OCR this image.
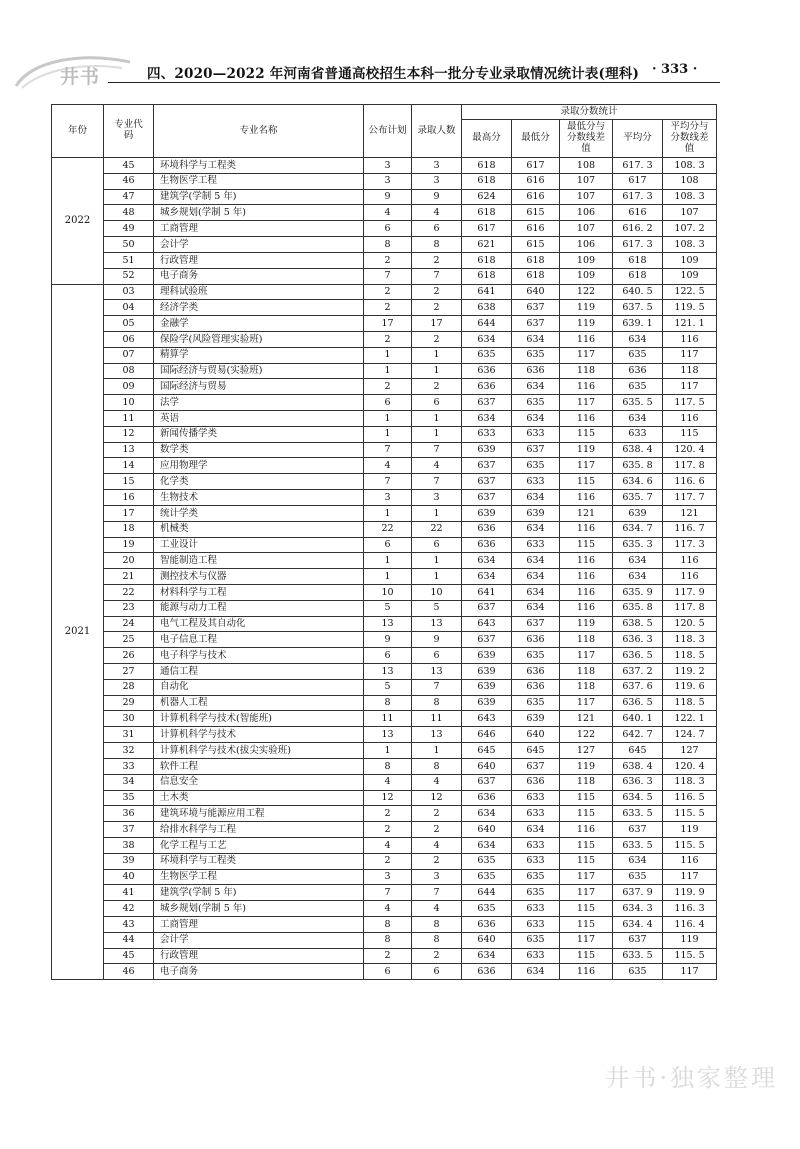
井书	四、2020—2022 年河南省普通高校招生本科一批分专业录取情况统计表(理科) · 333 ·
年份	专业代码	专业名称	公布计划	录取人数	录取分数统计				
					最高分	最低分	最低分与分数线差值	平均分	平均分与分数线差值
2022	45	环境科学与工程类	3	3	618	617	108	617. 3	108. 3
	46	生物医学工程	3	3	618	616	107	617	108
	47	建筑学(学制 5 年)	9	9	624	616	107	617. 3	108. 3
	48	城乡规划(学制 5 年)	4	4	618	615	106	616	107
	49	工商管理	6	6	617	616	107	616. 2	107. 2
	50	会计学	8	8	621	615	106	617. 3	108. 3
	51	行政管理	2	2	618	618	109	618	109
	52	电子商务	7	7	618	618	109	618	109
2021	03	理科试验班	2	2	641	640	122	640. 5	122. 5
	04	经济学类	2	2	638	637	119	637. 5	119. 5
	05	金融学	17	17	644	637	119	639. 1	121. 1
	06	保险学(风险管理实验班)	2	2	634	634	116	634	116
	07	精算学	1	1	635	635	117	635	117
	08	国际经济与贸易(实验班)	1	1	636	636	118	636	118
	09	国际经济与贸易	2	2	636	634	116	635	117
	10	法学	6	6	637	635	117	635. 5	117. 5
	11	英语	1	1	634	634	116	634	116
	12	新闻传播学类	1	1	633	633	115	633	115
	13	数学类	7	7	639	637	119	638. 4	120. 4
	14	应用物理学	4	4	637	635	117	635. 8	117. 8
	15	化学类	7	7	637	633	115	634. 6	116. 6
	16	生物技术	3	3	637	634	116	635. 7	117. 7
	17	统计学类	1	1	639	639	121	639	121
	18	机械类	22	22	636	634	116	634. 7	116. 7
	19	工业设计	6	6	636	633	115	635. 3	117. 3
	20	智能制造工程	1	1	634	634	116	634	116
	21	测控技术与仪器	1	1	634	634	116	634	116
	22	材料科学与工程	10	10	641	634	116	635. 9	117. 9
	23	能源与动力工程	5	5	637	634	116	635. 8	117. 8
	24	电气工程及其自动化	13	13	643	637	119	638. 5	120. 5
	25	电子信息工程	9	9	637	636	118	636. 3	118. 3
	26	电子科学与技术	6	6	639	635	117	636. 5	118. 5
	27	通信工程	13	13	639	636	118	637. 2	119. 2
	28	自动化	5	7	639	636	118	637. 6	119. 6
	29	机器人工程	8	8	639	635	117	636. 5	118. 5
	30	计算机科学与技术(智能班)	11	11	643	639	121	640. 1	122. 1
	31	计算机科学与技术	13	13	646	640	122	642. 7	124. 7
	32	计算机科学与技术(拔尖实验班)	1	1	645	645	127	645	127
	33	软件工程	8	8	640	637	119	638. 4	120. 4
	34	信息安全	4	4	637	636	118	636. 3	118. 3
	35	土木类	12	12	636	633	115	634. 5	116. 5
	36	建筑环境与能源应用工程	2	2	634	633	115	633. 5	115. 5
	37	给排水科学与工程	2	2	640	634	116	637	119
	38	化学工程与工艺	4	4	634	633	115	633. 5	115. 5
	39	环境科学与工程类	2	2	635	633	115	634	116
	40	生物医学工程	3	3	635	635	117	635	117
	41	建筑学(学制 5 年)	7	7	644	635	117	637. 9	119. 9
	42	城乡规划(学制 5 年)	4	4	635	633	115	634. 3	116. 3
	43	工商管理	8	8	636	633	115	634. 4	116. 4
	44	会计学	8	8	640	635	117	637	119
	45	行政管理	2	2	634	633	115	633. 5	115. 5
	46	电子商务	6	6	636	634	116	635	117
井书·独家整理
